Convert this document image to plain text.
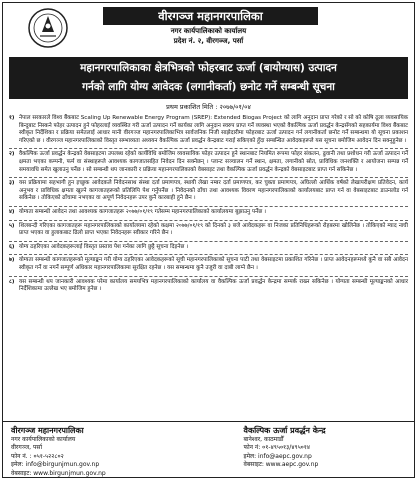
वीरगञ्ज महानगरपालिका
नगर कार्यपालिकाको कार्यालय
प्रदेश नं. २, वीरगञ्ज, पर्सा
महानगरपालिकाका क्षेत्रभित्रको फोहरबाट ऊर्जा (बायोग्यास) उत्पादन
गर्नको लागि योग्य आवेदक (लगानीकर्ता) छनोट गर्ने सम्बन्धी सूचना
प्रथम प्रकाशित मिति : २०७७/०१/०४
१) नेपाल सरकारले विश्व बैंकबाट Scaling Up Renewable Energy Program (SREP): Extended Biogas Project को लागि अनुदान प्राप्त गरेको र सो को कोषि ठूला व्यवसायिक बिन्दुबाट निस्कने फोहर उत्पादन हुने फोहरलाई व्यवस्थित गरी ऊर्जा उत्पादन गर्ने कार्यका लागि अनुदान स्वरुप प्राप्त गर्ने व्यवस्था भएको वैकल्पिक ऊर्जा प्रवर्द्धन केन्द्रसँगको सहकार्यमा विश्व बैंकबाट स्वीकृत निर्देशिका र प्रक्रिया समेतलाई आधार मानी वीरगञ्ज महानगरपालिकाभित्र सार्वजनिक निजी साझेदारीमा फोहरबाट ऊर्जा उत्पादन गर्न लगानीकर्ता छनोट गर्ने सम्बन्धमा यो सूचना प्रकाशन गरिएको छ । वीरगञ्ज महानगरपालिकाको विस्तृत सम्भाव्यता अध्ययन वैकल्पिक ऊर्जा प्रवर्द्धन केन्द्रबाट गराई सकिएको हुँदा सम्बन्धित आवेदकहरूले यस सूचना बमोजिम आवेदन दिन सक्नुहुनेछ ।
२) वैकल्पिक ऊर्जा प्रवर्द्धन केन्द्रको वेबसाइटमा उपलब्ध रहेको कार्यविधि बमोजिम व्यवसायिक फोहर उत्पादन हुने स्थानबाट नियमित रूपमा फोहर संकलन, ढुवानी तथा प्रशोधन गरी ऊर्जा उत्पादन गर्ने क्षमता भएका कम्पनी, फर्म वा संस्थाहरूले आवश्यक कागजातसहित निवेदन दिन सक्नेछन् । प्लान्ट सञ्चालन गर्ने स्थान, क्षमता, लगानीको स्रोत, प्राविधिक जनशक्ति र आयोजना सम्पन्न गर्ने समयावधि समेत खुलाउनु पर्नेछ । सो सम्बन्धी थप जानकारी र प्रक्रिया महानगरपालिकाको वेबसाइट तथा वैकल्पिक ऊर्जा प्रवर्द्धन केन्द्रको वेबसाइटबाट प्राप्त गर्न सकिनेछ ।
३) यस प्रक्रियामा सहभागी हुन इच्छुक आवेदकले निवेदनसाथ संस्था दर्ता प्रमाणपत्र, स्थायी लेखा नम्बर दर्ता प्रमाणपत्र, कर चुक्ता प्रमाणपत्र, अघिल्लो आर्थिक वर्षको लेखापरीक्षण प्रतिवेदन, कार्य अनुभव र प्राविधिक क्षमता खुल्ने कागजातहरूको प्रतिलिपि पेश गर्नुपर्नेछ । निवेदनको ढाँचा तथा आवश्यक विवरण महानगरपालिकाको कार्यालयबाट प्राप्त गर्न वा वेबसाइटबाट डाउनलोड गर्न सकिनेछ । तोकिएको ढाँचामा नभएका वा अपूर्ण निवेदनहरू उपर कुनै कारबाही हुने छैन ।
४) योग्यता सम्बन्धी आवेदन तथा आवश्यक कागजातहरू २०७७/०१/१९ गतेसम्म महानगरपालिकाको कार्यालयमा बुझाउनु पर्नेछ ।
५) शिलबन्दी गरिएका कागजातहरू महानगरपालिकाको कार्यालयमा रहेको कक्षमा २०७७/०१/१९ को दिनको ३ बजे आवेदकहरू वा निजका प्रतिनिधिहरूको रोहबरमा खोलिनेछ । तोकिएको म्याद नाघी प्राप्त भएका वा हुलाकबाट ढिलो प्राप्त भएका निवेदनहरू स्वीकार गरिने छैन ।
६) योग्य ठहरिएका आवेदकहरूलाई विस्तृत प्रस्ताव पेश गर्नका लागि छुट्टै सूचना दिइनेछ ।
७) योग्यता सम्बन्धी कागजातहरूको मूल्याङ्कन गरी योग्य ठहरिएका आवेदकहरूको सूची महानगरपालिकाको सूचना पाटी तथा वेबसाइटमा प्रकाशित गरिनेछ । प्राप्त आवेदनहरूमध्ये कुनै वा सबै आवेदन स्वीकृत गर्ने वा नगर्ने सम्पूर्ण अधिकार महानगरपालिकामा सुरक्षित रहनेछ । यस सम्बन्धमा कुनै उजुरी वा दाबी लाग्ने छैन ।
८) यस सम्बन्धी थप जानकारी आवश्यक परेमा कार्यालय समयभित्र महानगरपालिकाको कार्यालय वा वैकल्पिक ऊर्जा प्रवर्द्धन केन्द्रमा सम्पर्क राख्न सकिनेछ । योग्यता सम्बन्धी मूल्याङ्कनको आधार निर्देशिकामा उल्लेख भए बमोजिम हुनेछ ।
वीरगञ्ज महानगरपालिका
नगर कार्यपालिकाको कार्यालय
वीरगञ्ज, पर्सा
फोन नं. : ०५१-५२२८०२
इमेल: info@birgunjmun.gov.np
वेबसाइट: www.birgunjmun.gov.np
वैकल्पिक ऊर्जा प्रवर्द्धन केन्द्र
बानेश्वर, काठमाडौँ
फोन नं: ०१-४९५०१३/४९५०१४
इमेल: info@aepc.gov.np
वेबसाइट: www.aepc.gov.np
